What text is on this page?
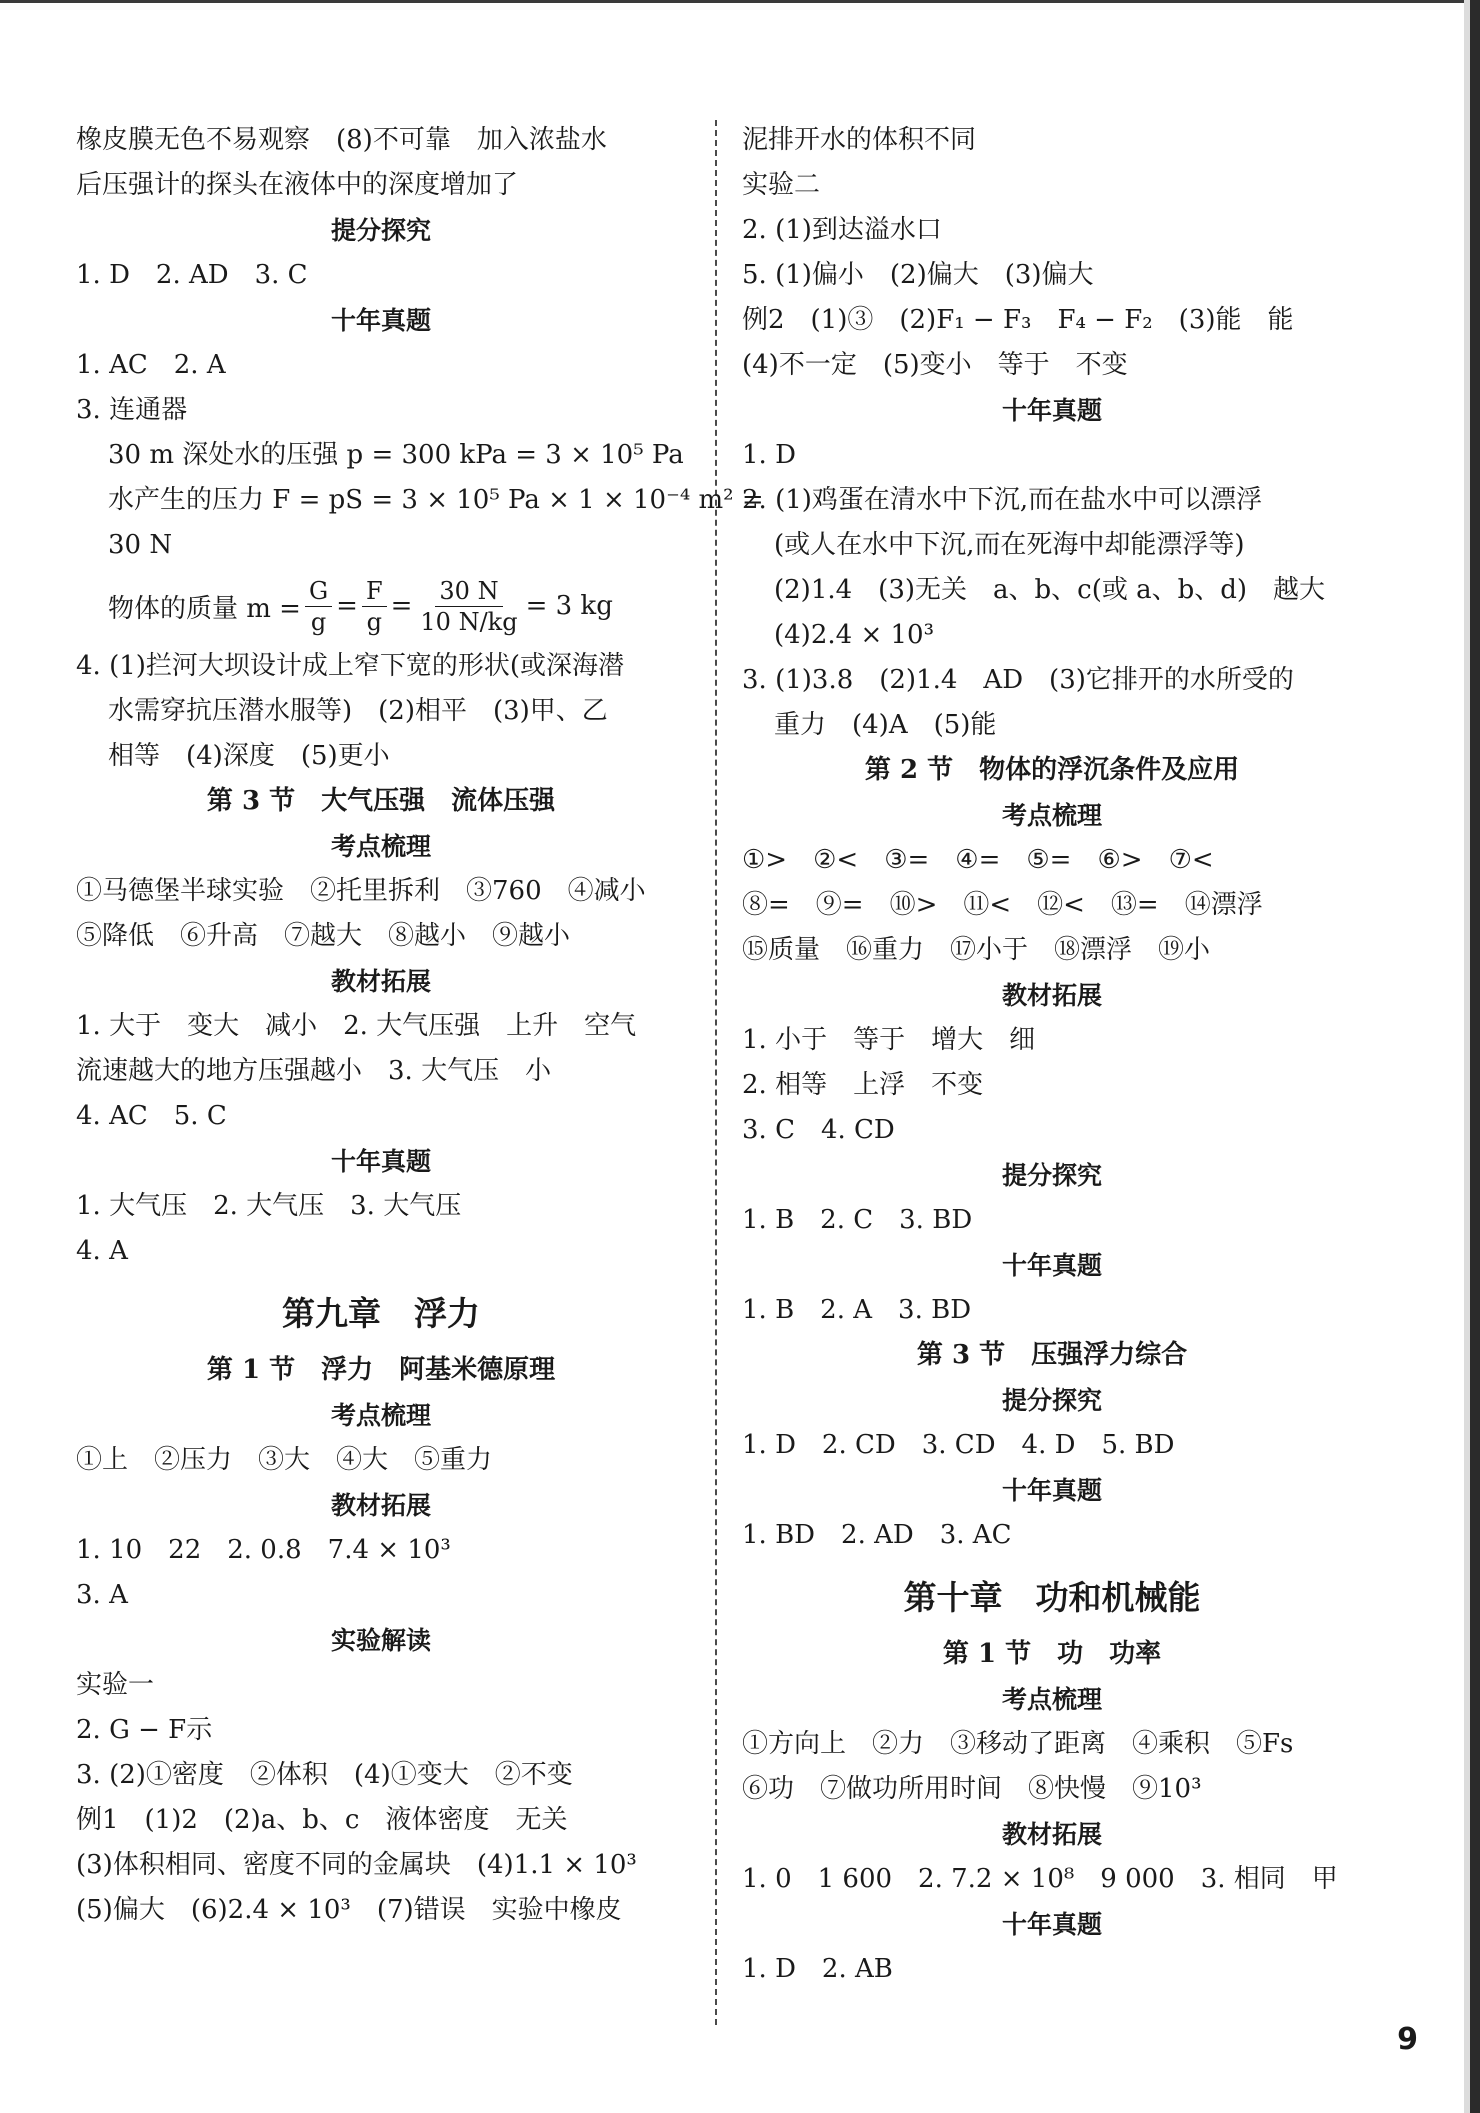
橡皮膜无色不易观察　(8)不可靠　加入浓盐水
后压强计的探头在液体中的深度增加了
提分探究
1. D　2. AD　3. C
十年真题
1. AC　2. A
3. 连通器
30 m 深处水的压强 p = 300 kPa = 3 × 10⁵ Pa
水产生的压力 F = pS = 3 × 10⁵ Pa × 1 × 10⁻⁴ m² =
30 N
物体的质量 $m = \frac{G}{g} = \frac{F}{g} = \frac{30 N}{10 N/kg} = 3$ kg
4. (1)拦河大坝设计成上窄下宽的形状(或深海潜
水需穿抗压潜水服等)　(2)相平　(3)甲、乙
相等　(4)深度　(5)更小
第 3 节　大气压强　流体压强
考点梳理
①马德堡半球实验　②托里拆利　③760　④减小
⑤降低　⑥升高　⑦越大　⑧越小　⑨越小
教材拓展
1. 大于　变大　减小　2. 大气压强　上升　空气
流速越大的地方压强越小　3. 大气压　小
4. AC　5. C
十年真题
1. 大气压　2. 大气压　3. 大气压
4. A
第九章　浮力
第 1 节　浮力　阿基米德原理
考点梳理
①上　②压力　③大　④大　⑤重力
教材拓展
1. 10　22　2. 0.8　7.4 × 10³
3. A
实验解读
实验一
2. G − F示
3. (2)①密度　②体积　(4)①变大　②不变
例1　(1)2　(2)a、b、c　液体密度　无关
(3)体积相同、密度不同的金属块　(4)1.1 × 10³
(5)偏大　(6)2.4 × 10³　(7)错误　实验中橡皮
泥排开水的体积不同
实验二
2. (1)到达溢水口
5. (1)偏小　(2)偏大　(3)偏大
例2　(1)③　(2)F₁ − F₃　F₄ − F₂　(3)能　能
(4)不一定　(5)变小　等于　不变
十年真题
1. D
2. (1)鸡蛋在清水中下沉,而在盐水中可以漂浮
(或人在水中下沉,而在死海中却能漂浮等)
(2)1.4　(3)无关　a、b、c(或 a、b、d)　越大
(4)2.4 × 10³
3. (1)3.8　(2)1.4　AD　(3)它排开的水所受的
重力　(4)A　(5)能
第 2 节　物体的浮沉条件及应用
考点梳理
①>　②<　③=　④=　⑤=　⑥>　⑦<
⑧=　⑨=　⑩>　⑪<　⑫<　⑬=　⑭漂浮
⑮质量　⑯重力　⑰小于　⑱漂浮　⑲小
教材拓展
1. 小于　等于　增大　细
2. 相等　上浮　不变
3. C　4. CD
提分探究
1. B　2. C　3. BD
十年真题
1. B　2. A　3. BD
第 3 节　压强浮力综合
提分探究
1. D　2. CD　3. CD　4. D　5. BD
十年真题
1. BD　2. AD　3. AC
第十章　功和机械能
第 1 节　功　功率
考点梳理
①方向上　②力　③移动了距离　④乘积　⑤Fs
⑥功　⑦做功所用时间　⑧快慢　⑨10³
教材拓展
1. 0　1 600　2. 7.2 × 10⁸　9 000　3. 相同　甲
十年真题
1. D　2. AB
9
